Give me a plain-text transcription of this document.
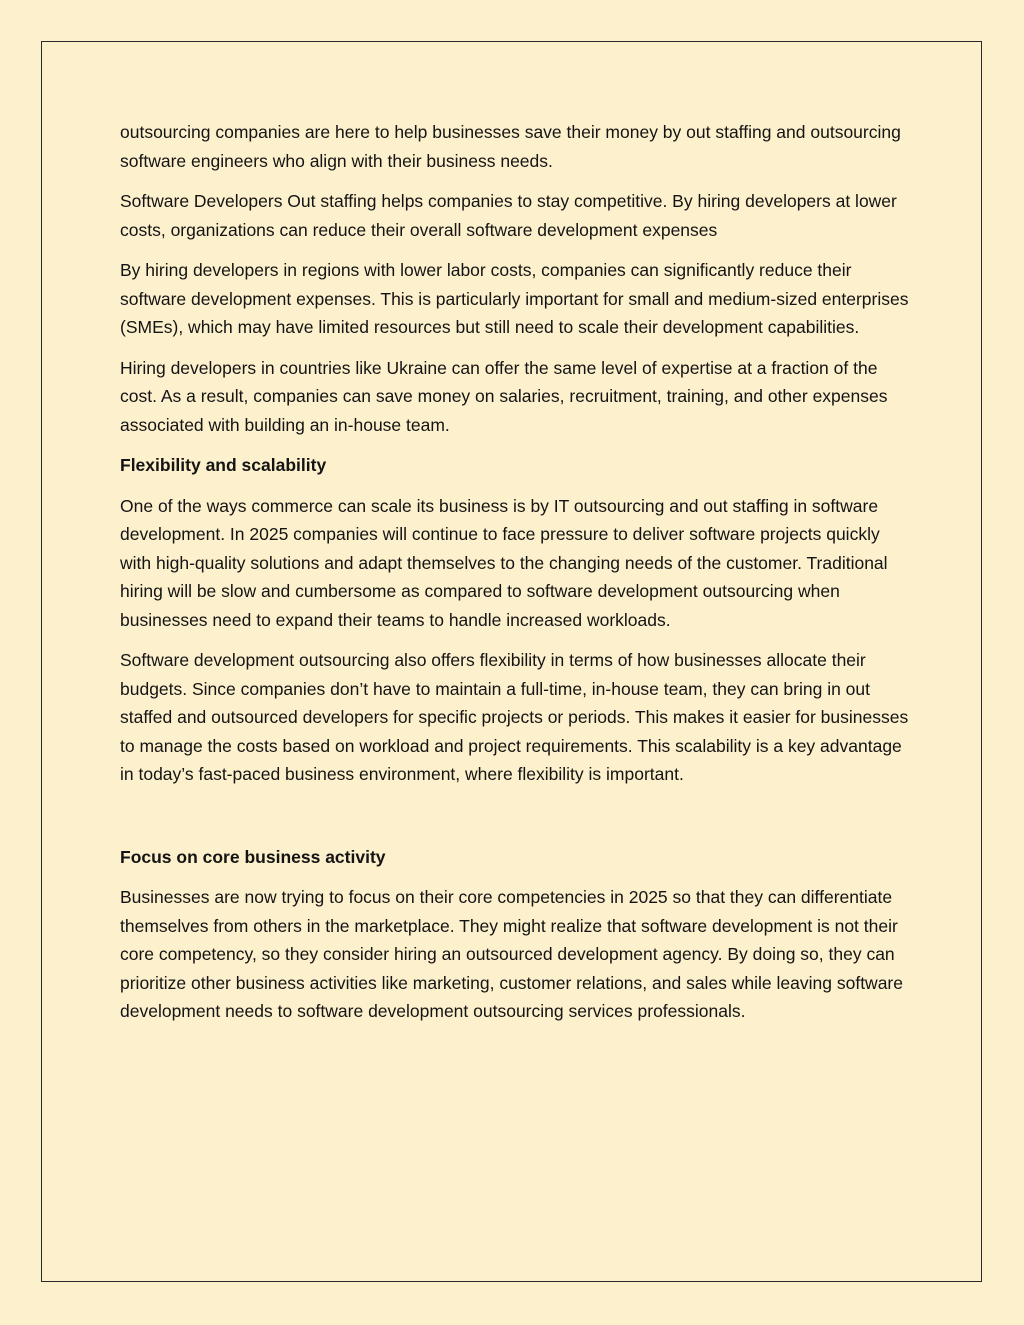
outsourcing companies are here to help businesses save their money by out staffing and outsourcing software engineers who align with their business needs.

Software Developers Out staffing helps companies to stay competitive. By hiring developers at lower costs, organizations can reduce their overall software development expenses

By hiring developers in regions with lower labor costs, companies can significantly reduce their software development expenses. This is particularly important for small and medium-sized enterprises (SMEs), which may have limited resources but still need to scale their development capabilities.

Hiring developers in countries like Ukraine can offer the same level of expertise at a fraction of the cost. As a result, companies can save money on salaries, recruitment, training, and other expenses associated with building an in-house team.

Flexibility and scalability

One of the ways commerce can scale its business is by IT outsourcing and out staffing in software development. In 2025 companies will continue to face pressure to deliver software projects quickly with high-quality solutions and adapt themselves to the changing needs of the customer. Traditional hiring will be slow and cumbersome as compared to software development outsourcing when businesses need to expand their teams to handle increased workloads.

Software development outsourcing also offers flexibility in terms of how businesses allocate their budgets. Since companies don’t have to maintain a full-time, in-house team, they can bring in out staffed and outsourced developers for specific projects or periods. This makes it easier for businesses to manage the costs based on workload and project requirements. This scalability is a key advantage in today’s fast-paced business environment, where flexibility is important.

Focus on core business activity

Businesses are now trying to focus on their core competencies in 2025 so that they can differentiate themselves from others in the marketplace. They might realize that software development is not their core competency, so they consider hiring an outsourced development agency. By doing so, they can prioritize other business activities like marketing, customer relations, and sales while leaving software development needs to software development outsourcing services professionals.
